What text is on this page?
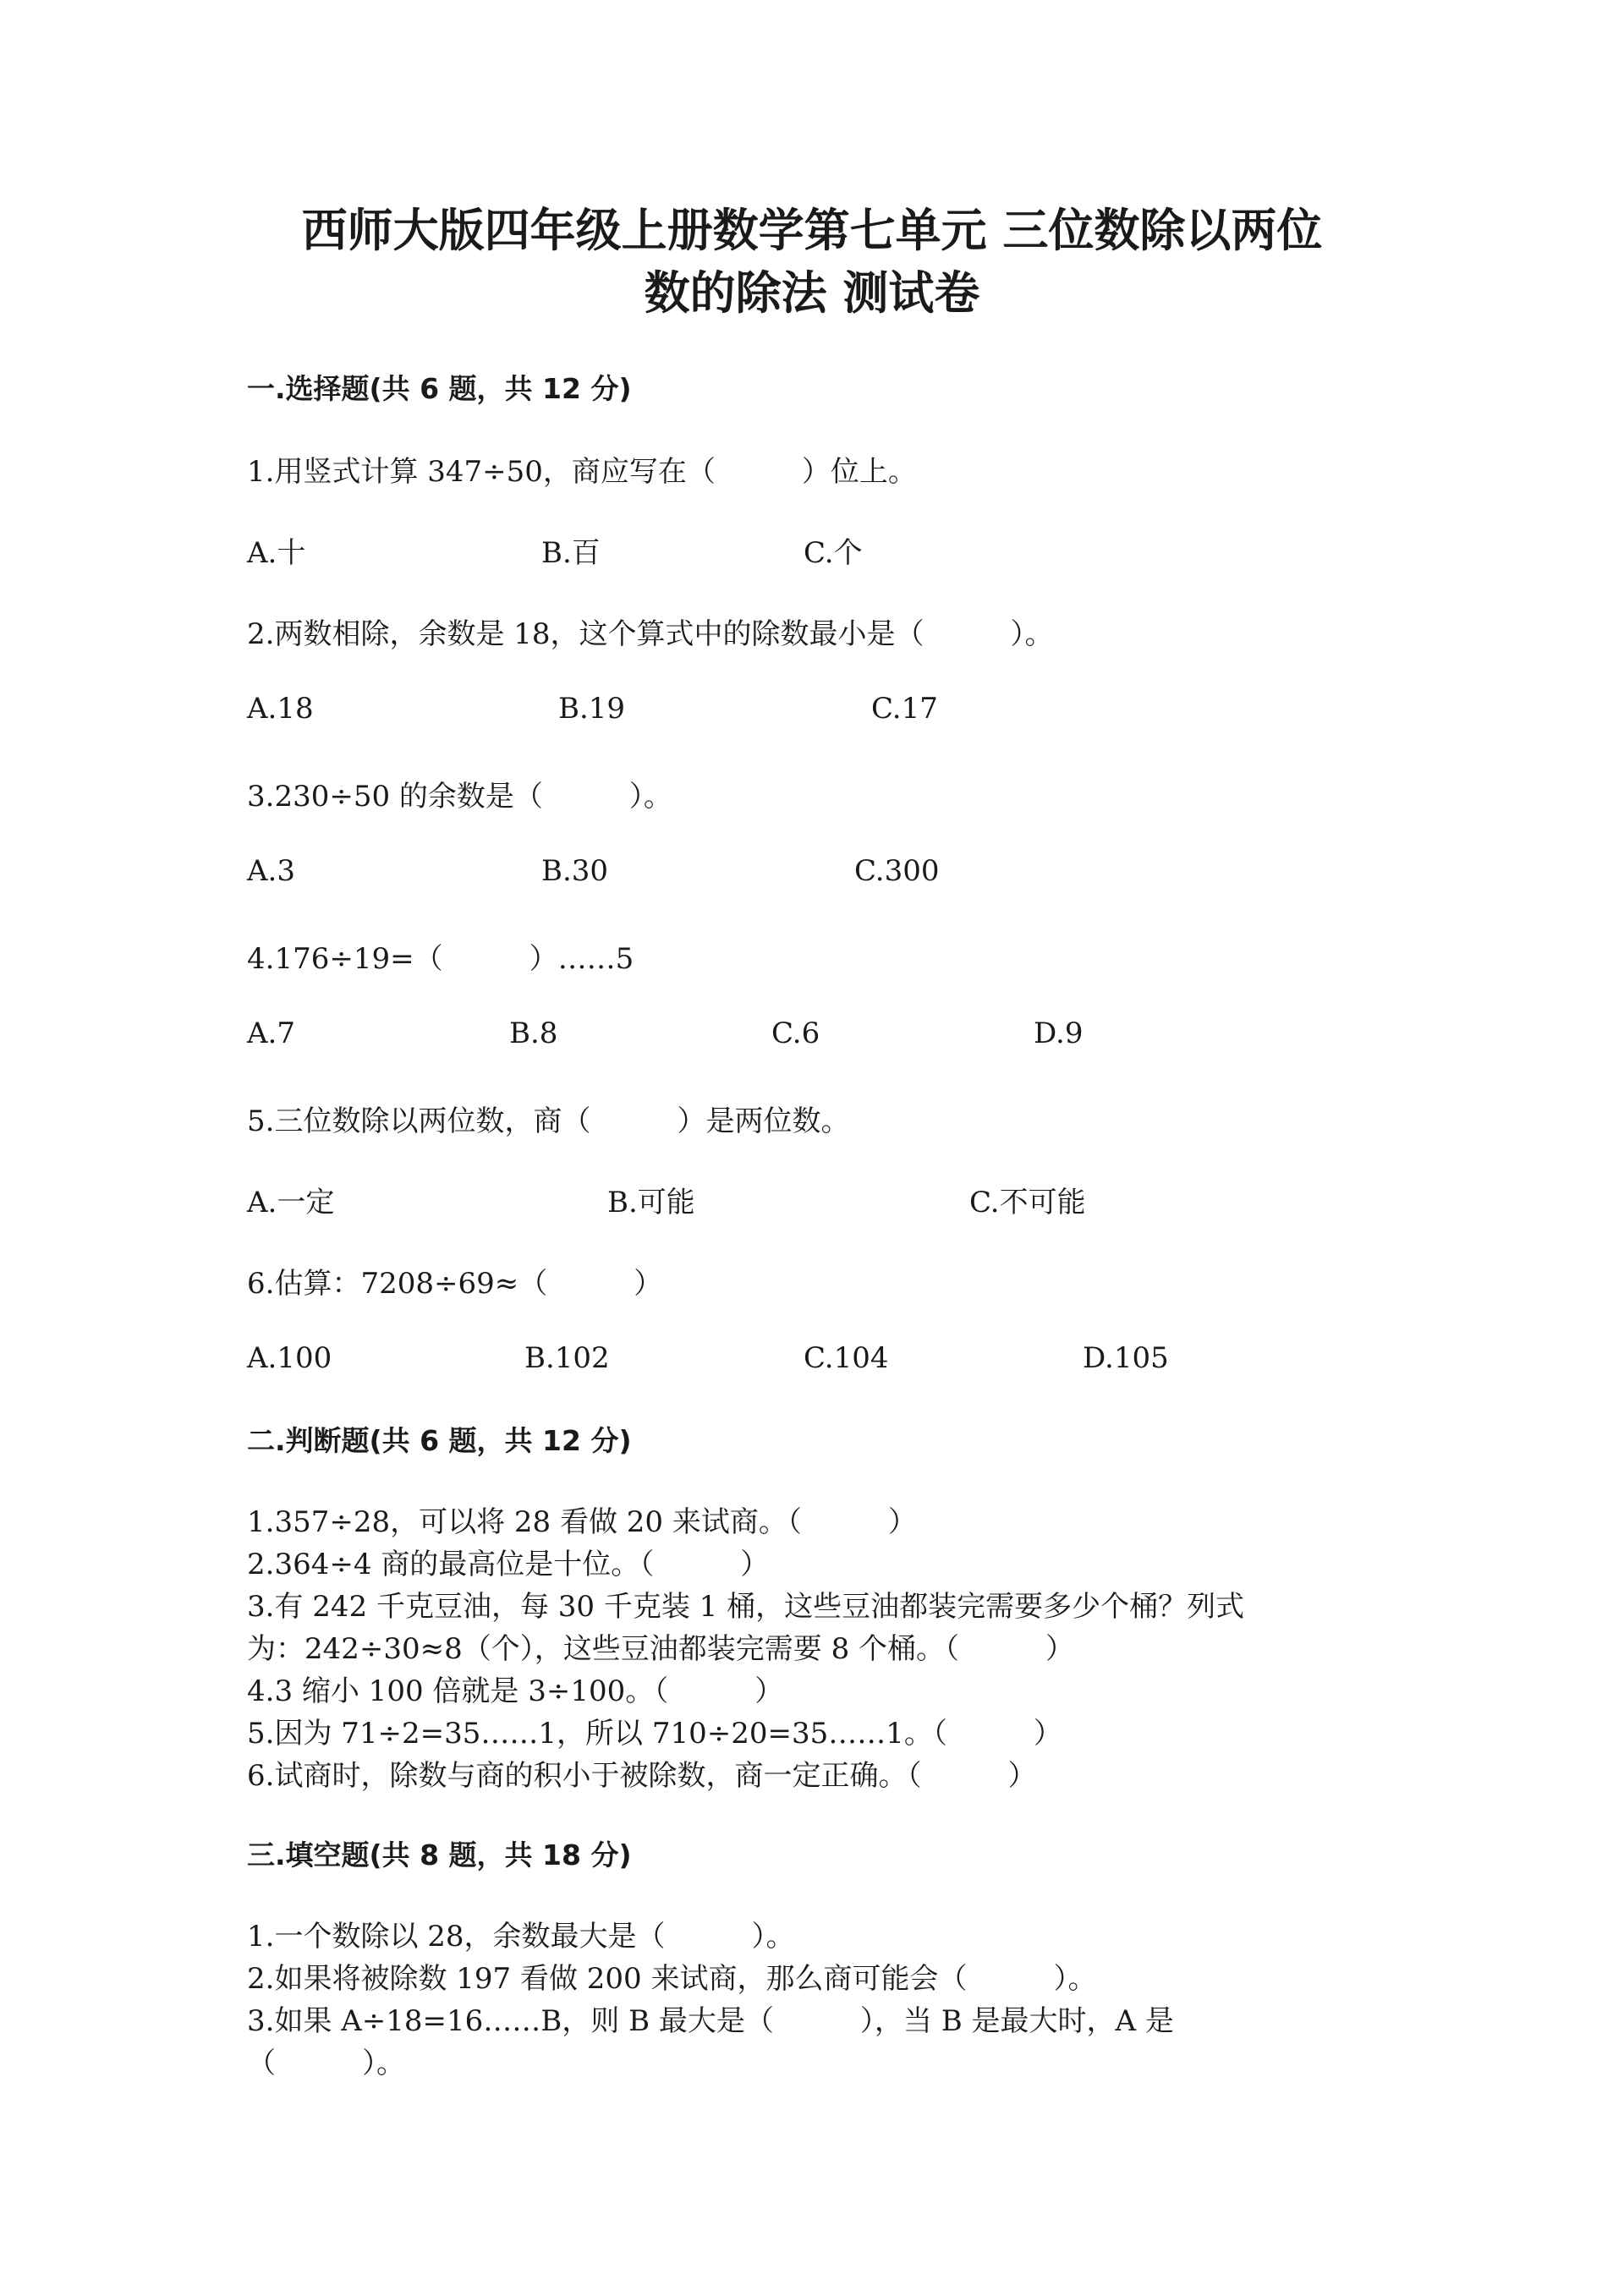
西师大版四年级上册数学第七单元 三位数除以两位
数的除法 测试卷
一.选择题(共 6 题，共 12 分)
1.用竖式计算 347÷50，商应写在（　　　）位上。
A.十	B.百	C.个
2.两数相除，余数是 18，这个算式中的除数最小是（　　　）。
A.18	B.19	C.17
3.230÷50 的余数是（　　　）。
A.3	B.30	C.300
4.176÷19=（　　　）……5
A.7	B.8	C.6	D.9
5.三位数除以两位数，商（　　　）是两位数。
A.一定	B.可能	C.不可能
6.估算：7208÷69≈（　　　）
A.100	B.102	C.104	D.105
二.判断题(共 6 题，共 12 分)
1.357÷28，可以将 28 看做 20 来试商。（　　　）
2.364÷4 商的最高位是十位。（　　　）
3.有 242 千克豆油，每 30 千克装 1 桶，这些豆油都装完需要多少个桶？列式
为：242÷30≈8（个），这些豆油都装完需要 8 个桶。（　　　）
4.3 缩小 100 倍就是 3÷100。（　　　）
5.因为 71÷2=35……1，所以 710÷20=35……1。（　　　）
6.试商时，除数与商的积小于被除数，商一定正确。（　　　）
三.填空题(共 8 题，共 18 分)
1.一个数除以 28，余数最大是（　　　）。
2.如果将被除数 197 看做 200 来试商，那么商可能会（　　　）。
3.如果 A÷18=16……B，则 B 最大是（　　　），当 B 是最大时，A 是
（　　　）。
